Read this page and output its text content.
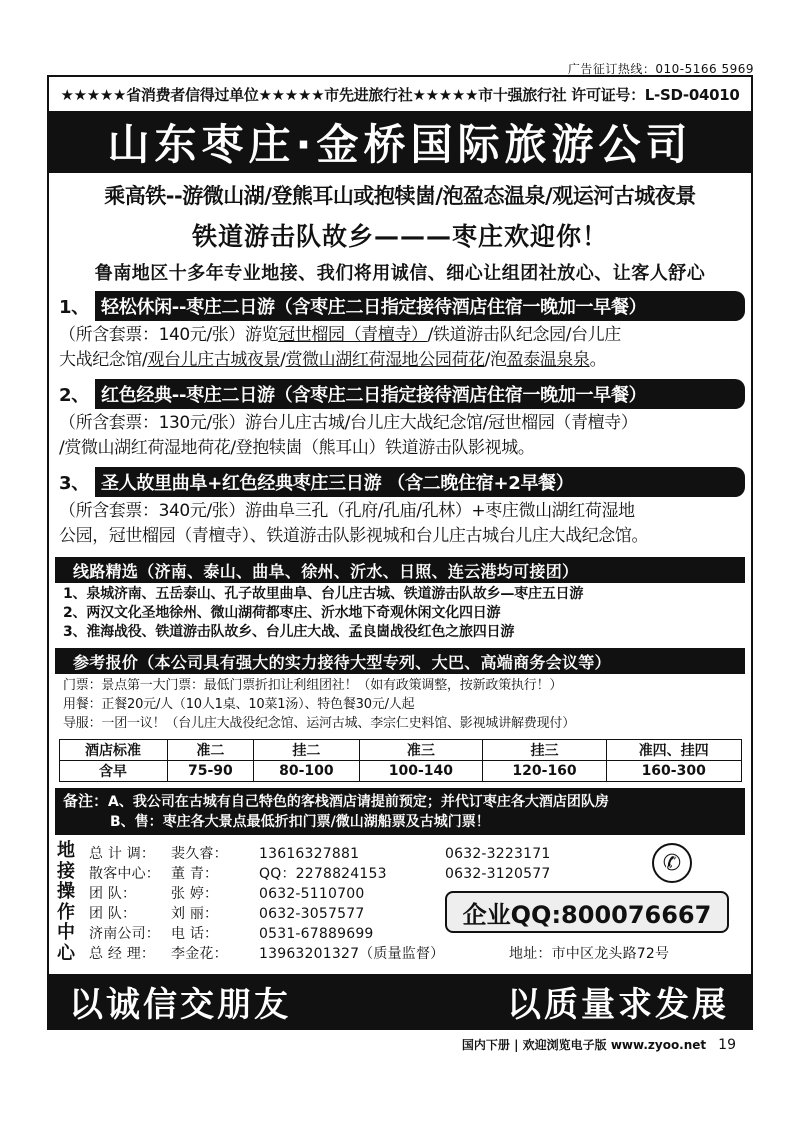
广告征订热线：010-5166 5969
★★★★★省消费者信得过单位★★★★★市先进旅行社★★★★★市十强旅行社 许可证号：L-SD-04010
山东枣庄·金桥国际旅游公司
乘高铁--游微山湖/登熊耳山或抱犊崮/泡盈态温泉/观运河古城夜景
铁道游击队故乡———枣庄欢迎你！
鲁南地区十多年专业地接、我们将用诚信、细心让组团社放心、让客人舒心
1、 轻松休闲--枣庄二日游（含枣庄二日指定接待酒店住宿一晚加一早餐）
（所含套票：140元/张）游览冠世榴园（青檀寺）/铁道游击队纪念园/台儿庄
大战纪念馆/观台儿庄古城夜景/赏微山湖红荷湿地公园荷花/泡盈泰温泉泉。
2、 红色经典--枣庄二日游（含枣庄二日指定接待酒店住宿一晚加一早餐）
（所含套票：130元/张）游台儿庄古城/台儿庄大战纪念馆/冠世榴园（青檀寺）
/赏微山湖红荷湿地荷花/登抱犊崮（熊耳山）铁道游击队影视城。
3、 圣人故里曲阜+红色经典枣庄三日游 （含二晚住宿+2早餐）
（所含套票：340元/张）游曲阜三孔（孔府/孔庙/孔林）+枣庄微山湖红荷湿地
公园，冠世榴园（青檀寺）、铁道游击队影视城和台儿庄古城台儿庄大战纪念馆。
线路精选（济南、泰山、曲阜、徐州、沂水、日照、连云港均可接团）
1、泉城济南、五岳泰山、孔子故里曲阜、台儿庄古城、铁道游击队故乡—枣庄五日游
2、两汉文化圣地徐州、微山湖荷都枣庄、沂水地下奇观休闲文化四日游
3、淮海战役、铁道游击队故乡、台儿庄大战、孟良崮战役红色之旅四日游
参考报价（本公司具有强大的实力接待大型专列、大巴、高端商务会议等）
门票：景点第一大门票：最低门票折扣让利组团社！（如有政策调整，按新政策执行！）
用餐：正餐20元/人（10人1桌、10菜1汤）、特色餐30元/人起
导服：一团一议！（台儿庄大战役纪念馆、运河古城、李宗仁史料馆、影视城讲解费现付）
酒店标准	准二	挂二	准三	挂三	准四、挂四
含早	75-90	80-100	100-140	120-160	160-300
备注：A、我公司在古城有自己特色的客栈酒店请提前预定；并代订枣庄各大酒店团队房
B、售：枣庄各大景点最低折扣门票/微山湖船票及古城门票！
地
接
操
作
中
心
总 计 调： 裴久睿： 13616327881	0632-3223171
散客中心： 董 青：	QQ：2278824153	0632-3120577
团 队： 张 婷：	0632-5110700
团 队： 刘 丽：	0632-3057577
济南公司： 电 话：	0531-67889699
总 经 理： 李金花： 13963201327（质量监督）	地址：市中区龙头路72号
✆
企业QQ:800076667
以诚信交朋友	以质量求发展
国内下册 | 欢迎浏览电子版 www.zyoo.net 19
